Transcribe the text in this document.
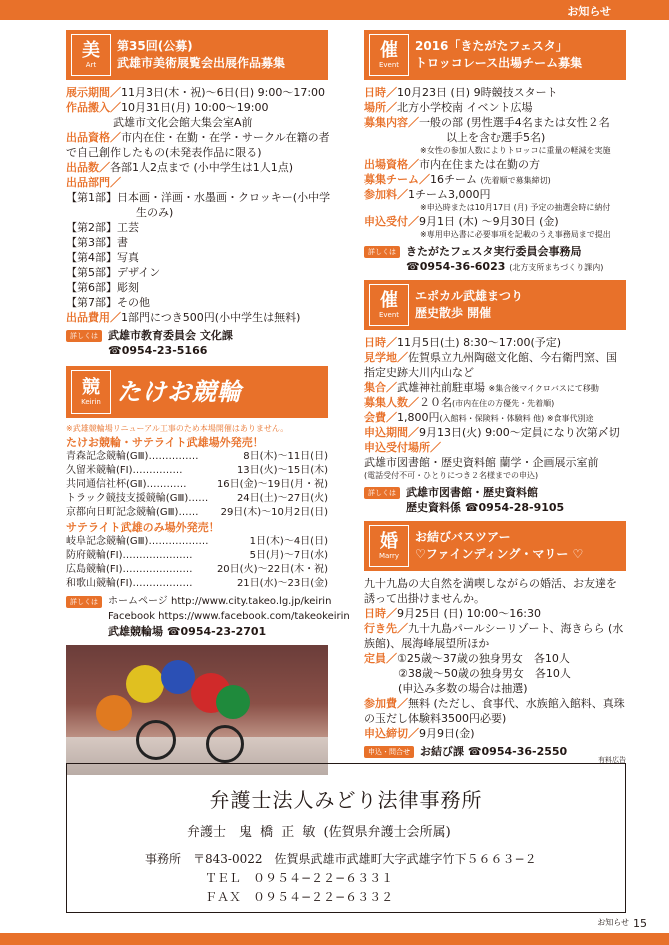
お知らせ
美
Art
第35回(公募)
武雄市美術展覧会出展作品募集
展示期間／11月3日(木・祝)〜6日(日) 9:00〜17:00
作品搬入／10月31日(月) 10:00〜19:00
武雄市文化会館大集会室A前
出品資格／市内在住・在勤・在学・サークル在籍の者
で自己創作したもの(未発表作品に限る)
出品数／各部1人2点まで (小中学生は1人1点)
出品部門／
【第1部】日本画・洋画・水墨画・クロッキー(小中学
生のみ)
【第2部】工芸
【第3部】書
【第4部】写真
【第5部】デザイン
【第6部】彫刻
【第7部】その他
出品費用／1部門につき500円(小中学生は無料)
詳しくは 武雄市教育委員会 文化課
☎0954-23-5166
競
Keirin たけお競輪
※武雄競輪場リニューアル工事のため本場開催はありません。
たけお競輪・サテライト武雄場外発売！
青森記念競輪(GⅢ)……………	8日(木)〜11日(日)
久留米競輪(FⅠ)……………	13日(火)〜15日(木)
共同通信社杯(GⅡ)…………	16日(金)〜19日(月・祝)
トラック競技支援競輪(GⅢ)……	24日(土)〜27日(火)
京都向日町記念競輪(GⅢ)…… 29日(木)〜10月2日(日)
サテライト武雄のみ場外発売！
岐阜記念競輪(GⅢ)………………	1日(木)〜4日(日)
防府競輪(FⅠ)…………………	5日(月)〜7日(水)
広島競輪(FⅠ)………………… 20日(火)〜22日(木・祝)
和歌山競輪(FⅠ)………………	21日(水)〜23日(金)
詳しくは	ホームページ http://www.city.takeo.lg.jp/keirin
Facebook https://www.facebook.com/takeokeirin
武雄競輪場 ☎0954-23-2701
催
Event
2016「きたがたフェスタ」
トロッコレース出場チーム募集
日時／10月23日 (日) 9時競技スタート
場所／北方小学校南 イベント広場
募集内容／一般の部 (男性選手4名または女性２名
以上を含む選手5名)
※女性の参加人数によりトロッコに重量の軽減を実施
出場資格／市内在住または在勤の方
募集チーム／16チーム (先着順で募集締切)
参加料／1チーム3,000円
※申込時または10月17日 (月) 予定の抽選会時に納付
申込受付／9月1日 (木) 〜9月30日 (金)
※専用申込書に必要事項を記載のうえ事務局まで提出
詳しくは きたがたフェスタ実行委員会事務局
☎0954-36-6023 (北方支所まちづくり課内)
催
Event
エポカル武雄まつり
歴史散歩 開催
日時／11月5日(土) 8:30〜17:00(予定)
見学地／佐賀県立九州陶磁文化館、今右衛門窯、国
指定史跡大川内山など
集合／武雄神社前駐車場 ※集合後マイクロバスにて移動
募集人数／２０名(市内在住の方優先・先着順)
会費／1,800円(入館料・保険料・体験料 他) ※食事代別途
申込期間／9月13日(火) 9:00〜定員になり次第〆切
申込受付場所／
武雄市図書館・歴史資料館 蘭学・企画展示室前
(電話受付不可・ひとりにつき２名様までの申込)
詳しくは 武雄市図書館・歴史資料館
歴史資料係 ☎0954-28-9105
婚
Marry
お結びバスツアー
♡ファインディング・マリー ♡
九十九島の大自然を満喫しながらの婚活、お友達を
誘って出掛けませんか。
日時／9月25日 (日) 10:00〜16:30
行き先／九十九島パールシーリゾート、海きらら (水
族館)、展海峰展望所ほか
定員／①25歳〜37歳の独身男女　各10人
②38歳〜50歳の独身男女　各10人
(申込み多数の場合は抽選)
参加費／無料 (ただし、食事代、水族館入館料、真珠
の玉だし体験料3500円必要)
申込締切／9月9日(金)
申込・問合せ お結び課 ☎0954-36-2550
有料広告
弁護士法人みどり法律事務所
弁護士　鬼 橋 正 敏 (佐賀県弁護士会所属)
事務所　 〒843-0022　佐賀県武雄市武雄町大字武雄字竹下５６６３−２
ＴＥＬ　０９５４−２２−６３３１
ＦＡＸ　０９５４−２２−６３３２
お知らせ 15
